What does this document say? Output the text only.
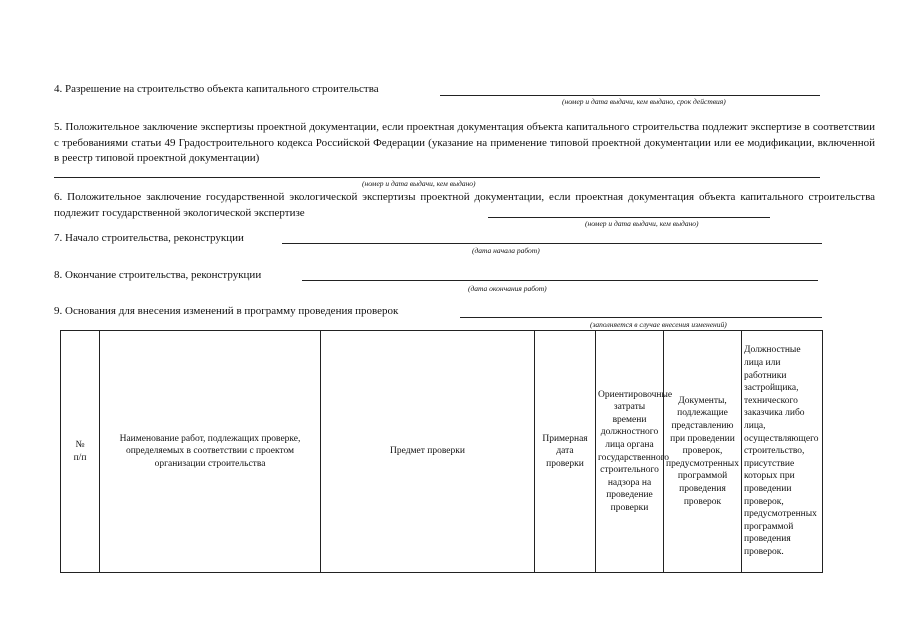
4. Разрешение на строительство объекта капитального строительства
(номер и дата выдачи, кем выдано, срок действия)
5. Положительное заключение экспертизы проектной документации, если проектная документация объекта капитального строительства подлежит экспертизе в соответствии с требованиями статьи 49 Градостроительного кодекса Российской Федерации (указание на применение типовой проектной документации или ее модификации, включенной в реестр типовой проектной документации)
(номер и дата выдачи, кем выдано)
6. Положительное заключение государственной экологической экспертизы проектной документации, если проектная документация объекта капитального строительства подлежит государственной экологической экспертизе
(номер и дата выдачи, кем выдано)
7. Начало строительства, реконструкции
(дата начала работ)
8. Окончание строительства, реконструкции
(дата окончания работ)
9. Основания для внесения изменений в программу проведения проверок
(заполняется в случае внесения изменений)
№ п/п	Наименование работ, подлежащих проверке, определяемых в соответствии с проектом организации строительства	Предмет проверки	Примерная дата проверки	Ориентировочные затраты времени должностного лица органа государственного строительного надзора на проведение проверки	Документы, подлежащие представлению при проведении проверок, предусмотренных программой проведения проверок	Должностные лица или работники застройщика, технического заказчика либо лица, осуществляющего строительство, присутствие которых при проведении проверок, предусмотренных программой проведения проверок.
